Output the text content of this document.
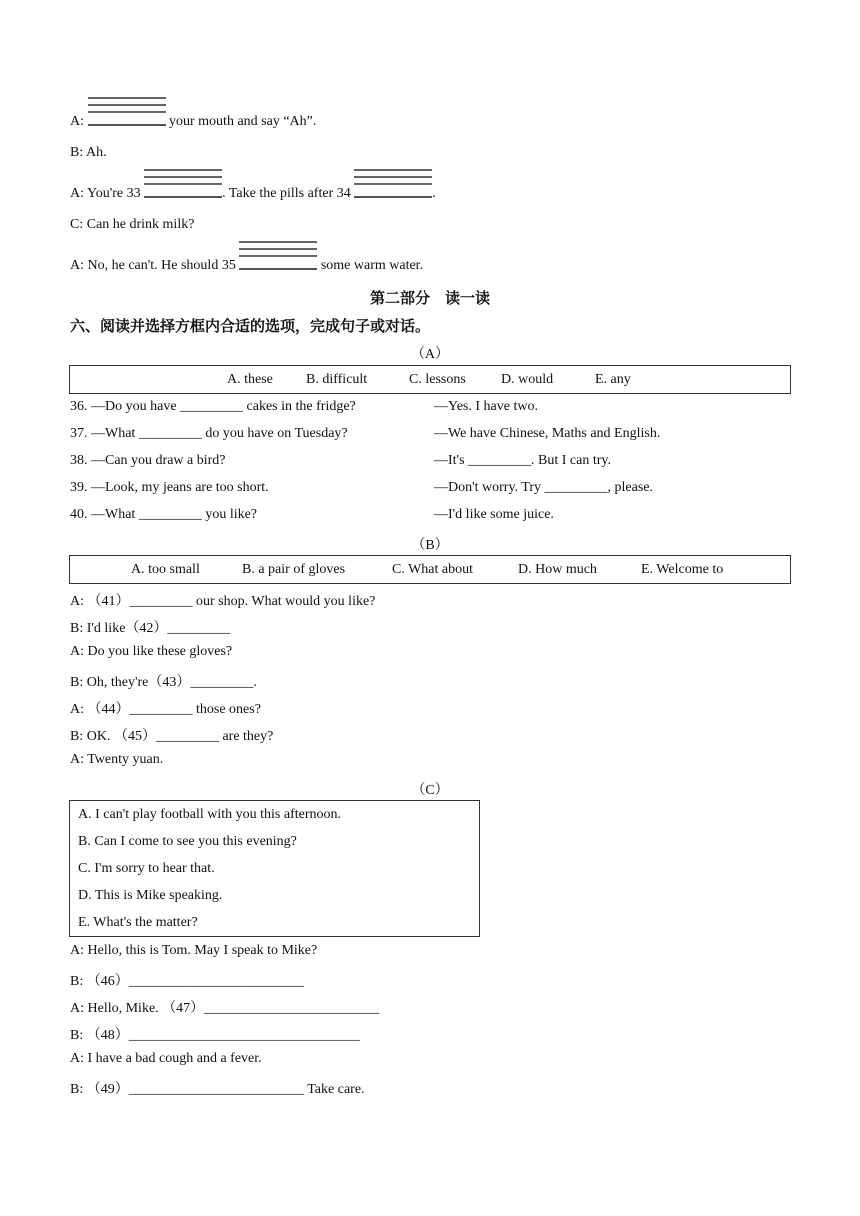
A:	your mouth and say “Ah”.
B: Ah.
A: You're 33	. Take the pills after 34	.
C: Can he drink milk?
A: No, he can't. He should 35	some warm water.
第二部分　读一读
六、阅读并选择方框内合适的选项，完成句子或对话。
（A）
A. these B. difficult	C. lessons	D. would	E. any
36. —Do you have _________ cakes in the fridge?	—Yes. I have two.
37. —What _________ do you have on Tuesday?	—We have Chinese, Maths and English.
38. —Can you draw a bird?	—It's _________. But I can try.
39. —Look, my jeans are too short.	—Don't worry. Try _________, please.
40. —What _________ you like?	—I'd like some juice.
（B）
A. too small	B. a pair of gloves	C. What about	D. How much	E. Welcome to
A: （41）_________ our shop. What would you like?
B: I'd like（42）_________
A: Do you like these gloves?
B: Oh, they're（43）_________.
A: （44）_________ those ones?
B: OK. （45）_________ are they?
A: Twenty yuan.
（C）
A. I can't play football with you this afternoon.
B. Can I come to see you this evening?
C. I'm sorry to hear that.
D. This is Mike speaking.
E. What's the matter?
A: Hello, this is Tom. May I speak to Mike?
B: （46）_________________________
A: Hello, Mike. （47）_________________________
B: （48）_________________________________
A: I have a bad cough and a fever.
B: （49）_________________________ Take care.
